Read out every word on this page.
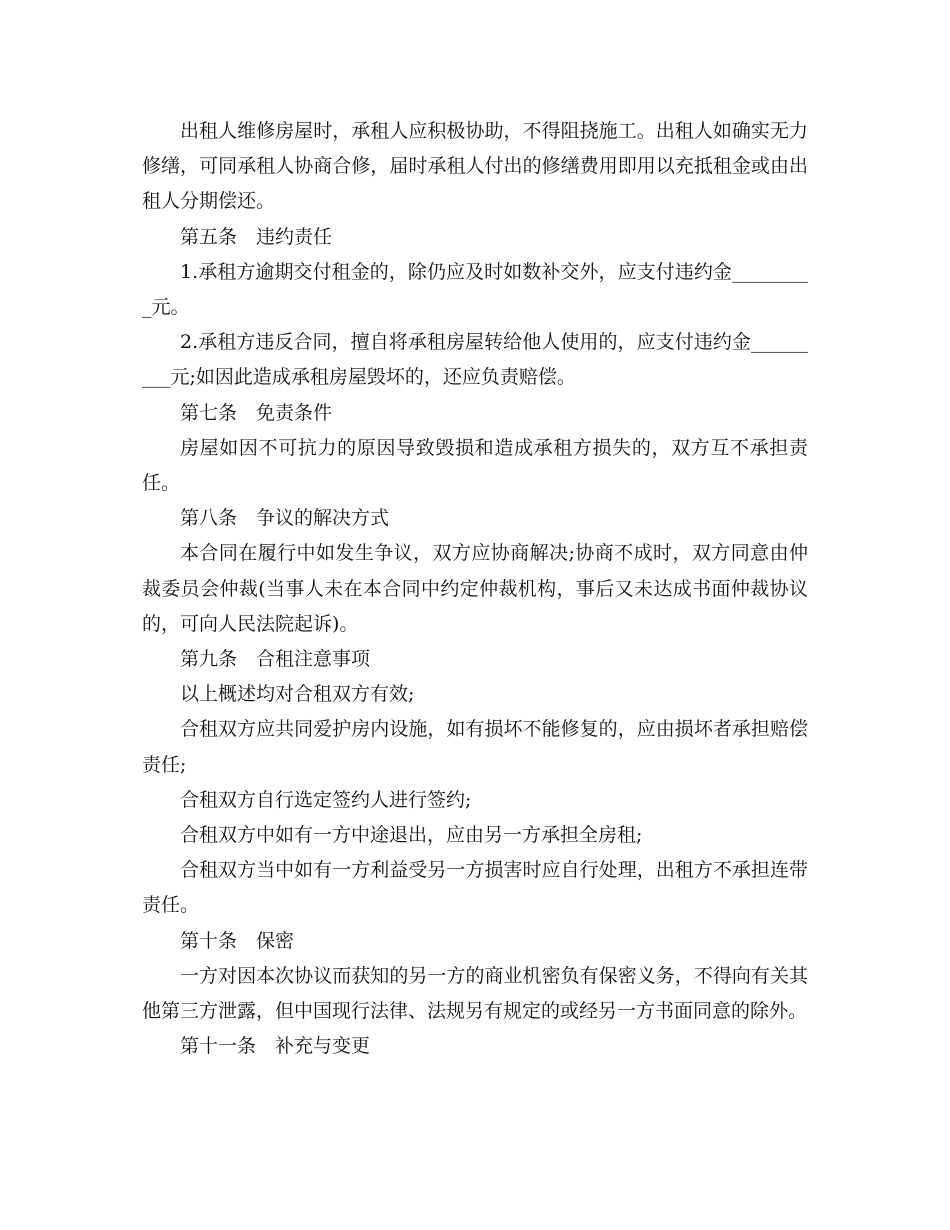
出租人维修房屋时，承租人应积极协助，不得阻挠施工。出租人如确实无力修缮，可同承租人协商合修，届时承租人付出的修缮费用即用以充抵租金或由出租人分期偿还。

第五条　违约责任

1.承租方逾期交付租金的，除仍应及时如数补交外，应支付违约金_________元。

2.承租方违反合同，擅自将承租房屋转给他人使用的，应支付违约金_________元;如因此造成承租房屋毁坏的，还应负责赔偿。

第七条　免责条件

房屋如因不可抗力的原因导致毁损和造成承租方损失的，双方互不承担责任。

第八条　争议的解决方式

本合同在履行中如发生争议，双方应协商解决;协商不成时，双方同意由仲裁委员会仲裁(当事人未在本合同中约定仲裁机构，事后又未达成书面仲裁协议的，可向人民法院起诉)。

第九条　合租注意事项

以上概述均对合租双方有效;

合租双方应共同爱护房内设施，如有损坏不能修复的，应由损坏者承担赔偿责任;

合租双方自行选定签约人进行签约;

合租双方中如有一方中途退出，应由另一方承担全房租;

合租双方当中如有一方利益受另一方损害时应自行处理，出租方不承担连带责任。

第十条　保密

一方对因本次协议而获知的另一方的商业机密负有保密义务，不得向有关其他第三方泄露，但中国现行法律、法规另有规定的或经另一方书面同意的除外。

第十一条　补充与变更
